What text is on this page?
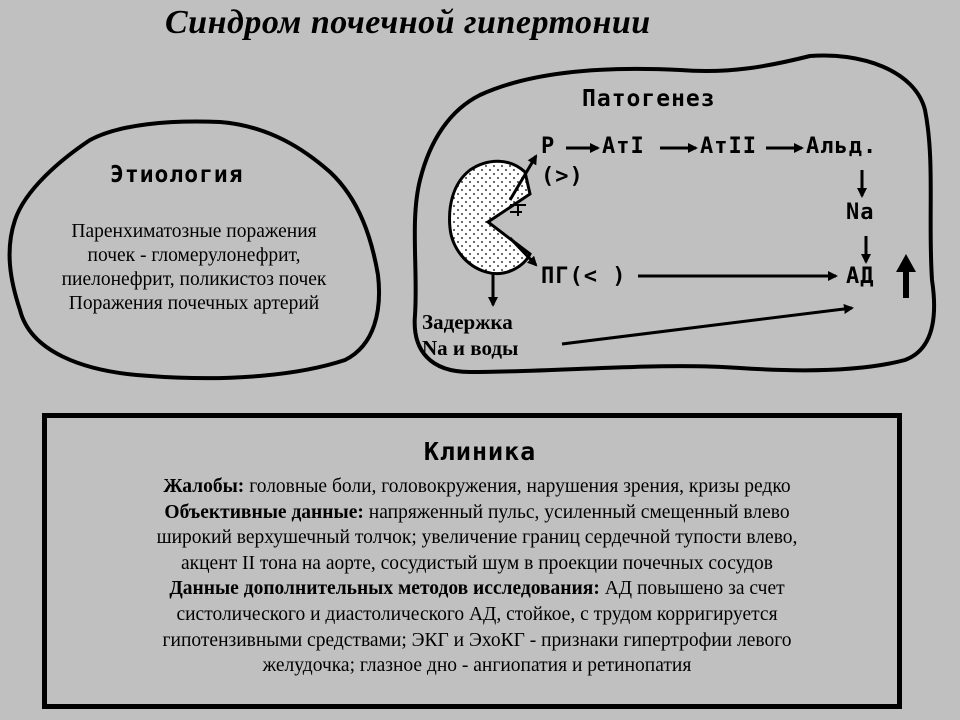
Синдром почечной гипертонии
Этиология
Паренхиматозные поражения
почек - гломерулонефрит,
пиелонефрит, поликистоз почек
Поражения почечных артерий
Патогенез
Р
(>)
АтI	АтII Альд.
Na
ПГ(< )	АД
Задержка
Na и воды
Клиника
Жалобы: головные боли, головокружения, нарушения зрения, кризы редко
Объективные данные: напряженный пульс, усиленный смещенный влево
широкий верхушечный толчок; увеличение границ сердечной тупости влево,
акцент II тона на аорте, сосудистый шум в проекции почечных сосудов
Данные дополнительных методов исследования: АД повышено за счет
систолического и диастолического АД, стойкое, с трудом корригируется
гипотензивными средствами; ЭКГ и ЭхоКГ - признаки гипертрофии левого
желудочка; глазное дно - ангиопатия и ретинопатия
